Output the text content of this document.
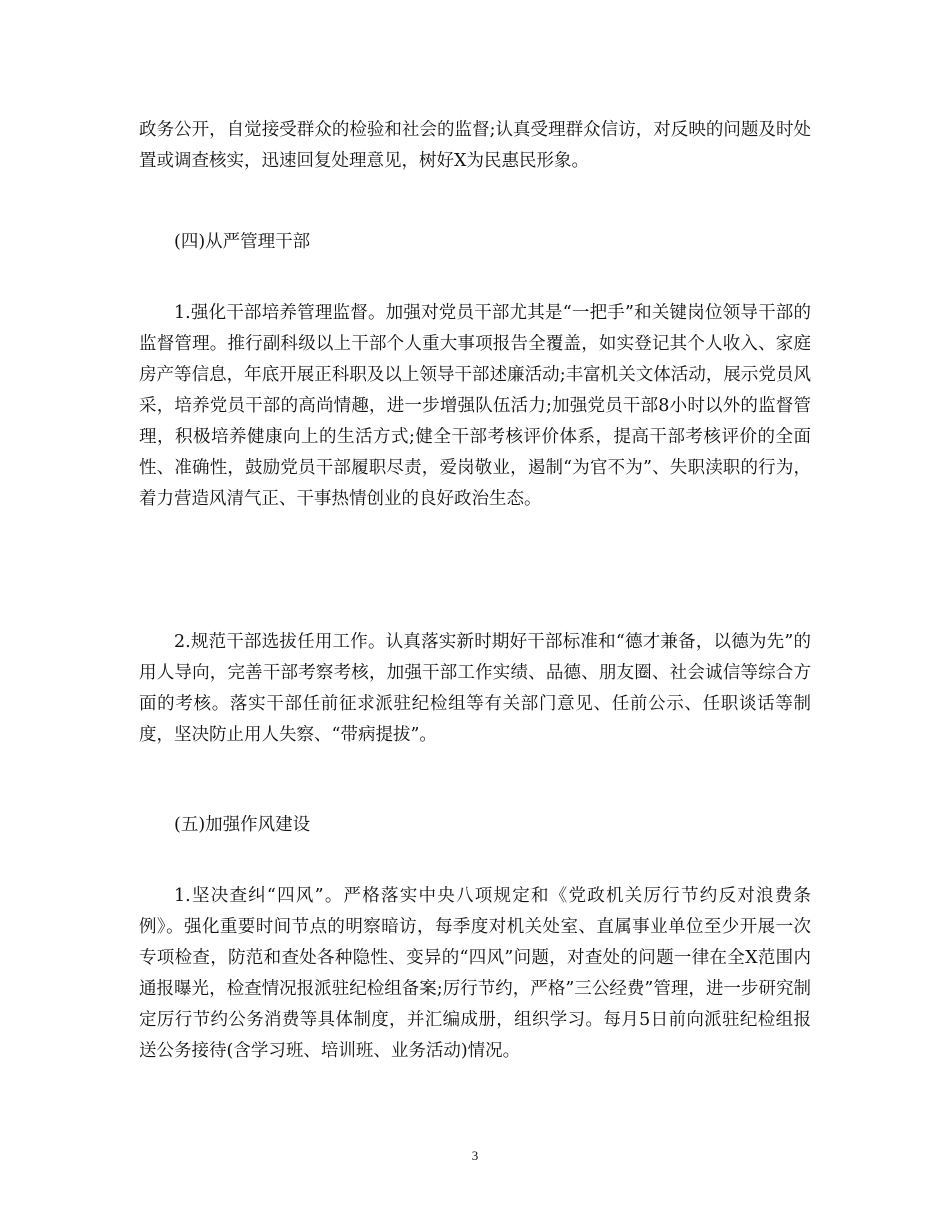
政务公开，自觉接受群众的检验和社会的监督;认真受理群众信访，对反映的问题及时处置或调查核实，迅速回复处理意见，树好X为民惠民形象。

(四)从严管理干部

1.强化干部培养管理监督。加强对党员干部尤其是“一把手”和关键岗位领导干部的监督管理。推行副科级以上干部个人重大事项报告全覆盖，如实登记其个人收入、家庭房产等信息，年底开展正科职及以上领导干部述廉活动;丰富机关文体活动，展示党员风采，培养党员干部的高尚情趣，进一步增强队伍活力;加强党员干部8小时以外的监督管理，积极培养健康向上的生活方式;健全干部考核评价体系，提高干部考核评价的全面性、准确性，鼓励党员干部履职尽责，爱岗敬业，遏制“为官不为”、失职渎职的行为，着力营造风清气正、干事热情创业的良好政治生态。

2.规范干部选拔任用工作。认真落实新时期好干部标准和“德才兼备，以德为先”的用人导向，完善干部考察考核，加强干部工作实绩、品德、朋友圈、社会诚信等综合方面的考核。落实干部任前征求派驻纪检组等有关部门意见、任前公示、任职谈话等制度，坚决防止用人失察、“带病提拔”。

(五)加强作风建设

1.坚决查纠“四风”。严格落实中央八项规定和《党政机关厉行节约反对浪费条例》。强化重要时间节点的明察暗访，每季度对机关处室、直属事业单位至少开展一次专项检查，防范和查处各种隐性、变异的“四风”问题，对查处的问题一律在全X范围内通报曝光，检查情况报派驻纪检组备案;厉行节约，严格”三公经费”管理，进一步研究制定厉行节约公务消费等具体制度，并汇编成册，组织学习。每月5日前向派驻纪检组报送公务接待(含学习班、培训班、业务活动)情况。

3
